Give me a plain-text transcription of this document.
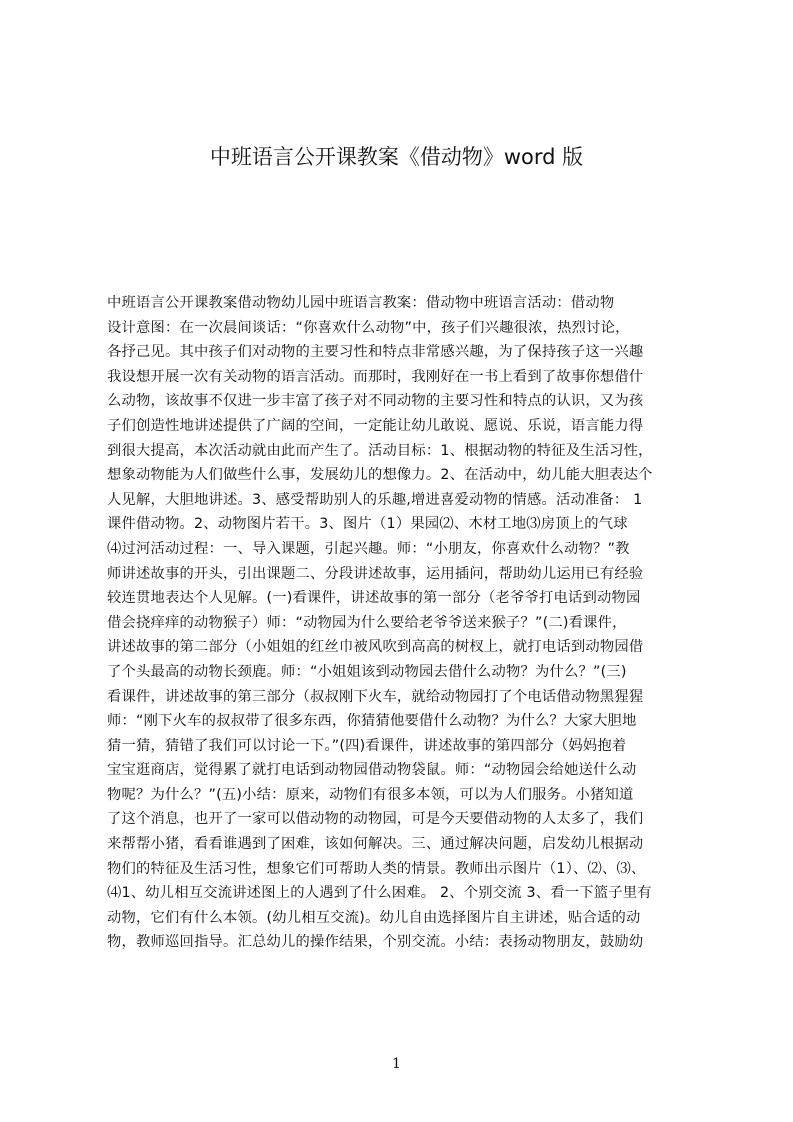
中班语言公开课教案《借动物》word 版
中班语言公开课教案借动物幼儿园中班语言教案：借动物中班语言活动：借动物
设计意图：在一次晨间谈话：“你喜欢什么动物”中，孩子们兴趣很浓，热烈讨论，
各抒己见。其中孩子们对动物的主要习性和特点非常感兴趣，为了保持孩子这一兴趣
我设想开展一次有关动物的语言活动。而那时，我刚好在一书上看到了故事你想借什
么动物，该故事不仅进一步丰富了孩子对不同动物的主要习性和特点的认识，又为孩
子们创造性地讲述提供了广阔的空间，一定能让幼儿敢说、愿说、乐说，语言能力得
到很大提高，本次活动就由此而产生了。活动目标：1、根据动物的特征及生活习性，
想象动物能为人们做些什么事，发展幼儿的想像力。2、在活动中，幼儿能大胆表达个
人见解，大胆地讲述。3、感受帮助别人的乐趣,增进喜爱动物的情感。活动准备： 1
课件借动物。2、动物图片若干。3、图片（1）果园⑵、木材工地⑶房顶上的气球
⑷过河活动过程：一、导入课题，引起兴趣。师：“小朋友，你喜欢什么动物？”教
师讲述故事的开头，引出课题二、分段讲述故事，运用插问，帮助幼儿运用已有经验
较连贯地表达个人见解。(一)看课件，讲述故事的第一部分（老爷爷打电话到动物园
借会挠痒痒的动物猴子）师：“动物园为什么要给老爷爷送来猴子？”(二)看课件，
讲述故事的第二部分（小姐姐的红丝巾被风吹到高高的树杈上，就打电话到动物园借
了个头最高的动物长颈鹿。师：“小姐姐该到动物园去借什么动物？为什么？”(三)
看课件，讲述故事的第三部分（叔叔刚下火车，就给动物园打了个电话借动物黑猩猩
师：“刚下火车的叔叔带了很多东西，你猜猜他要借什么动物？为什么？大家大胆地
猜一猜，猜错了我们可以讨论一下。”(四)看课件，讲述故事的第四部分（妈妈抱着
宝宝逛商店，觉得累了就打电话到动物园借动物袋鼠。师：“动物园会给她送什么动
物呢？为什么？”(五)小结：原来，动物们有很多本领，可以为人们服务。小猪知道
了这个消息，也开了一家可以借动物的动物园，可是今天要借动物的人太多了，我们
来帮帮小猪，看看谁遇到了困难，该如何解决。三、通过解决问题，启发幼儿根据动
物们的特征及生活习性，想象它们可帮助人类的情景。教师出示图片（1）、⑵、⑶、
⑷1、幼儿相互交流讲述图上的人遇到了什么困难。 2、个别交流 3、看一下篮子里有
动物，它们有什么本领。(幼儿相互交流)。幼儿自由选择图片自主讲述，贴合适的动
物，教师巡回指导。汇总幼儿的操作结果，个别交流。小结：表扬动物朋友，鼓励幼
1
